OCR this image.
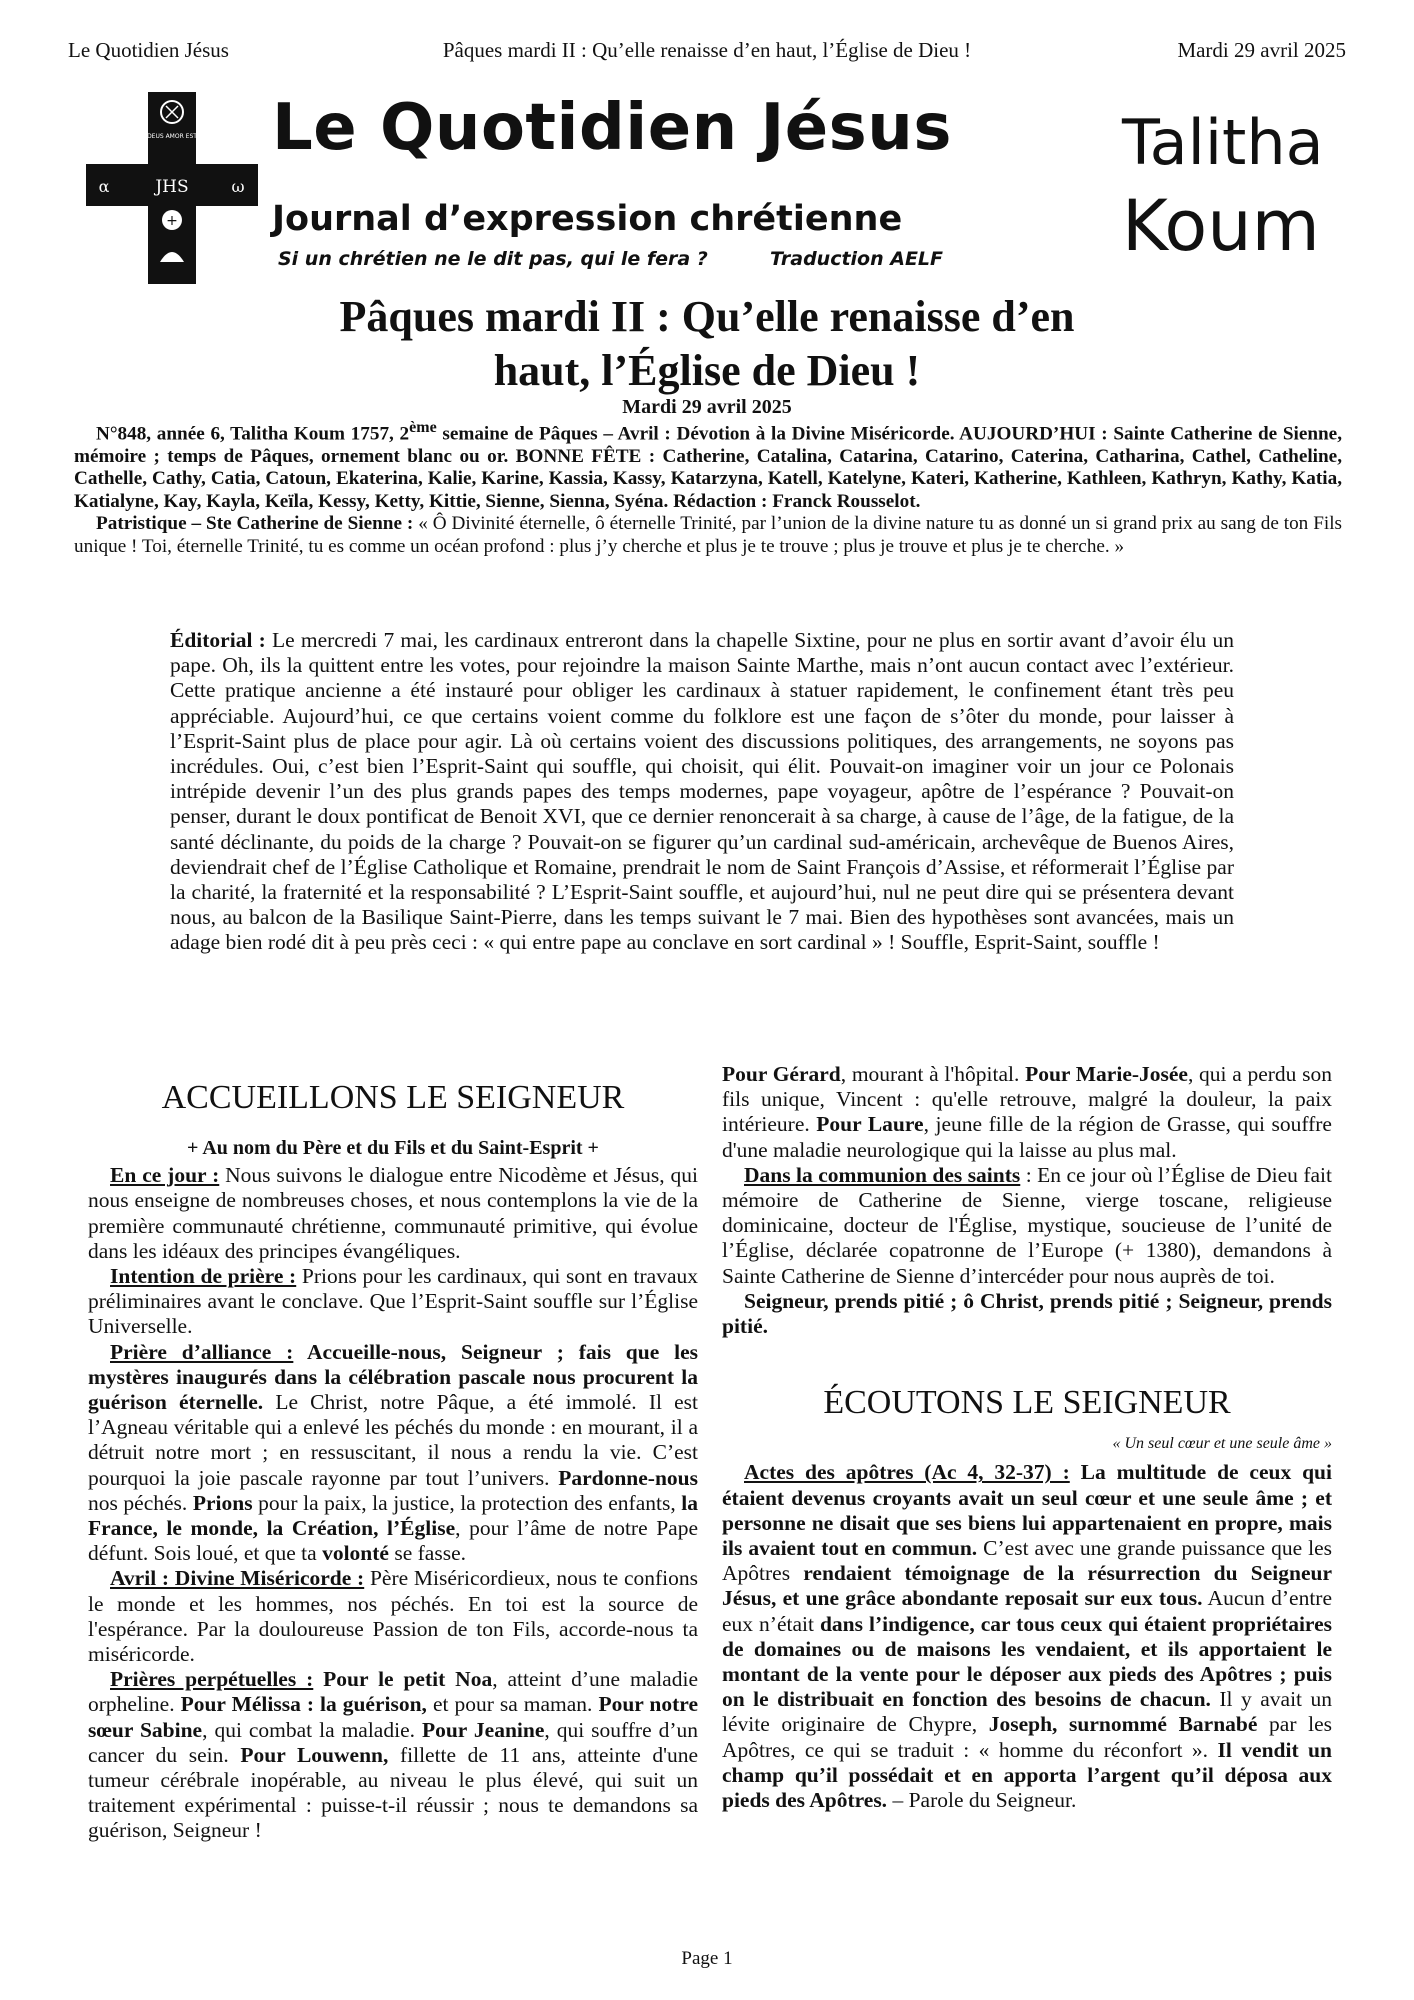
Le Quotidien Jésus	Pâques mardi II : Qu’elle renaisse d’en haut, l’Église de Dieu !	Mardi 29 avril 2025
DEUS AMOR EST
JHS
α	ω
+
Le Quotidien Jésus
Journal d’expression chrétienne
Si un chrétien ne le dit pas, qui le fera ?	Traduction AELF
Talitha
Koum
Pâques mardi II : Qu’elle renaisse d’en
haut, l’Église de Dieu !
Mardi 29 avril 2025

N°848, année 6, Talitha Koum 1757, 2ème semaine de Pâques – Avril : Dévotion à la Divine Miséricorde. AUJOURD’HUI : Sainte Catherine de Sienne, mémoire ; temps de Pâques, ornement blanc ou or. BONNE FÊTE : Catherine, Catalina, Catarina, Catarino, Caterina, Catharina, Cathel, Catheline, Cathelle, Cathy, Catia, Catoun, Ekaterina, Kalie, Karine, Kassia, Kassy, Katarzyna, Katell, Katelyne, Kateri, Katherine, Kathleen, Kathryn, Kathy, Katia, Katialyne, Kay, Kayla, Keïla, Kessy, Ketty, Kittie, Sienne, Sienna, Syéna. Rédaction : Franck Rousselot.

Patristique – Ste Catherine de Sienne : « Ô Divinité éternelle, ô éternelle Trinité, par l’union de la divine nature tu as donné un si grand prix au sang de ton Fils unique ! Toi, éternelle Trinité, tu es comme un océan profond : plus j’y cherche et plus je te trouve ; plus je trouve et plus je te cherche. »

Éditorial : Le mercredi 7 mai, les cardinaux entreront dans la chapelle Sixtine, pour ne plus en sortir avant d’avoir élu un pape. Oh, ils la quittent entre les votes, pour rejoindre la maison Sainte Marthe, mais n’ont aucun contact avec l’extérieur. Cette pratique ancienne a été instauré pour obliger les cardinaux à statuer rapidement, le confinement étant très peu appréciable. Aujourd’hui, ce que certains voient comme du folklore est une façon de s’ôter du monde, pour laisser à l’Esprit-Saint plus de place pour agir. Là où certains voient des discussions politiques, des arrangements, ne soyons pas incrédules. Oui, c’est bien l’Esprit-Saint qui souffle, qui choisit, qui élit. Pouvait-on imaginer voir un jour ce Polonais intrépide devenir l’un des plus grands papes des temps modernes, pape voyageur, apôtre de l’espérance ? Pouvait-on penser, durant le doux pontificat de Benoit XVI, que ce dernier renoncerait à sa charge, à cause de l’âge, de la fatigue, de la santé déclinante, du poids de la charge ? Pouvait-on se figurer qu’un cardinal sud-américain, archevêque de Buenos Aires, deviendrait chef de l’Église Catholique et Romaine, prendrait le nom de Saint François d’Assise, et réformerait l’Église par la charité, la fraternité et la responsabilité ? L’Esprit-Saint souffle, et aujourd’hui, nul ne peut dire qui se présentera devant nous, au balcon de la Basilique Saint-Pierre, dans les temps suivant le 7 mai. Bien des hypothèses sont avancées, mais un adage bien rodé dit à peu près ceci : « qui entre pape au conclave en sort cardinal » ! Souffle, Esprit-Saint, souffle !
ACCUEILLONS LE SEIGNEUR
+ Au nom du Père et du Fils et du Saint-Esprit +

En ce jour : Nous suivons le dialogue entre Nicodème et Jésus, qui nous enseigne de nombreuses choses, et nous contemplons la vie de la première communauté chrétienne, communauté primitive, qui évolue dans les idéaux des principes évangéliques.

Intention de prière : Prions pour les cardinaux, qui sont en travaux préliminaires avant le conclave. Que l’Esprit-Saint souffle sur l’Église Universelle.

Prière d’alliance : Accueille-nous, Seigneur ; fais que les mystères inaugurés dans la célébration pascale nous procurent la guérison éternelle. Le Christ, notre Pâque, a été immolé. Il est l’Agneau véritable qui a enlevé les péchés du monde : en mourant, il a détruit notre mort ; en ressuscitant, il nous a rendu la vie. C’est pourquoi la joie pascale rayonne par tout l’univers. Pardonne-nous nos péchés. Prions pour la paix, la justice, la protection des enfants, la France, le monde, la Création, l’Église, pour l’âme de notre Pape défunt. Sois loué, et que ta volonté se fasse.

Avril : Divine Miséricorde : Père Miséricordieux, nous te confions le monde et les hommes, nos péchés. En toi est la source de l'espérance. Par la douloureuse Passion de ton Fils, accorde-nous ta miséricorde.

Prières perpétuelles : Pour le petit Noa, atteint d’une maladie orpheline. Pour Mélissa : la guérison, et pour sa maman. Pour notre sœur Sabine, qui combat la maladie. Pour Jeanine, qui souffre d’un cancer du sein. Pour Louwenn, fillette de 11 ans, atteinte d'une tumeur cérébrale inopérable, au niveau le plus élevé, qui suit un traitement expérimental : puisse-t-il réussir ; nous te demandons sa guérison, Seigneur !

Pour Gérard, mourant à l'hôpital. Pour Marie-Josée, qui a perdu son fils unique, Vincent : qu'elle retrouve, malgré la douleur, la paix intérieure. Pour Laure, jeune fille de la région de Grasse, qui souffre d'une maladie neurologique qui la laisse au plus mal.

Dans la communion des saints : En ce jour où l’Église de Dieu fait mémoire de Catherine de Sienne, vierge toscane, religieuse dominicaine, docteur de l'Église, mystique, soucieuse de l’unité de l’Église, déclarée copatronne de l’Europe (+ 1380), demandons à Sainte Catherine de Sienne d’intercéder pour nous auprès de toi.

Seigneur, prends pitié ; ô Christ, prends pitié ; Seigneur, prends pitié.

ÉCOUTONS LE SEIGNEUR
« Un seul cœur et une seule âme »

Actes des apôtres (Ac 4, 32-37) : La multitude de ceux qui étaient devenus croyants avait un seul cœur et une seule âme ; et personne ne disait que ses biens lui appartenaient en propre, mais ils avaient tout en commun. C’est avec une grande puissance que les Apôtres rendaient témoignage de la résurrection du Seigneur Jésus, et une grâce abondante reposait sur eux tous. Aucun d’entre eux n’était dans l’indigence, car tous ceux qui étaient propriétaires de domaines ou de maisons les vendaient, et ils apportaient le montant de la vente pour le déposer aux pieds des Apôtres ; puis on le distribuait en fonction des besoins de chacun. Il y avait un lévite originaire de Chypre, Joseph, surnommé Barnabé par les Apôtres, ce qui se traduit : « homme du réconfort ». Il vendit un champ qu’il possédait et en apporta l’argent qu’il déposa aux pieds des Apôtres. – Parole du Seigneur.

Page 1
